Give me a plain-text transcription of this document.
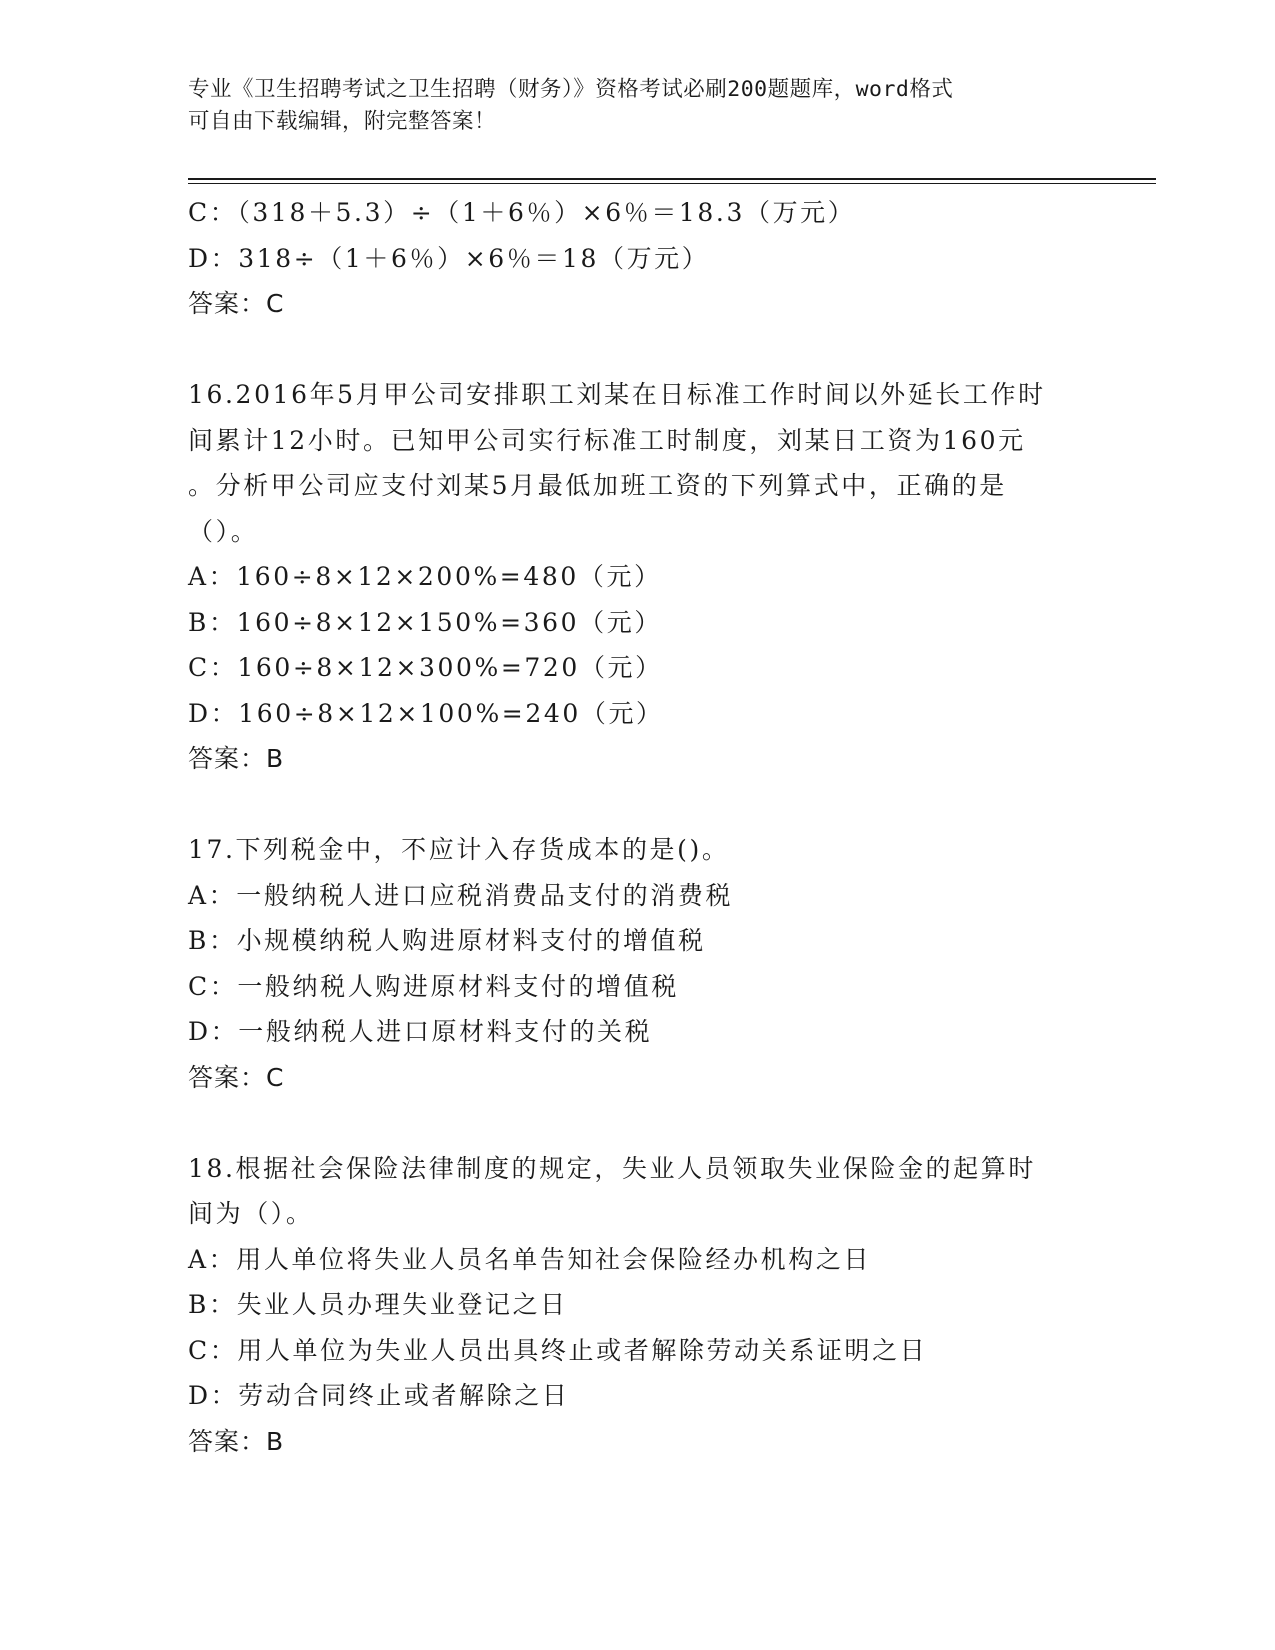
专业《卫生招聘考试之卫生招聘（财务）》资格考试必刷200题题库，word格式
可自由下载编辑，附完整答案！
C：（318＋5.3）÷（1＋6％）×6％＝18.3（万元）
D：318÷（1＋6％）×6％＝18（万元）
答案：C
16.2016年5月甲公司安排职工刘某在日标准工作时间以外延长工作时
间累计12小时。已知甲公司实行标准工时制度，刘某日工资为160元
。分析甲公司应支付刘某5月最低加班工资的下列算式中，正确的是
（）。
A：160÷8×12×200%=480（元）
B：160÷8×12×150%=360（元）
C：160÷8×12×300%=720（元）
D：160÷8×12×100%=240（元）
答案：B
17.下列税金中，不应计入存货成本的是()。
A：一般纳税人进口应税消费品支付的消费税
B：小规模纳税人购进原材料支付的增值税
C：一般纳税人购进原材料支付的增值税
D：一般纳税人进口原材料支付的关税
答案：C
18.根据社会保险法律制度的规定，失业人员领取失业保险金的起算时
间为（）。
A：用人单位将失业人员名单告知社会保险经办机构之日
B：失业人员办理失业登记之日
C：用人单位为失业人员出具终止或者解除劳动关系证明之日
D：劳动合同终止或者解除之日
答案：B
